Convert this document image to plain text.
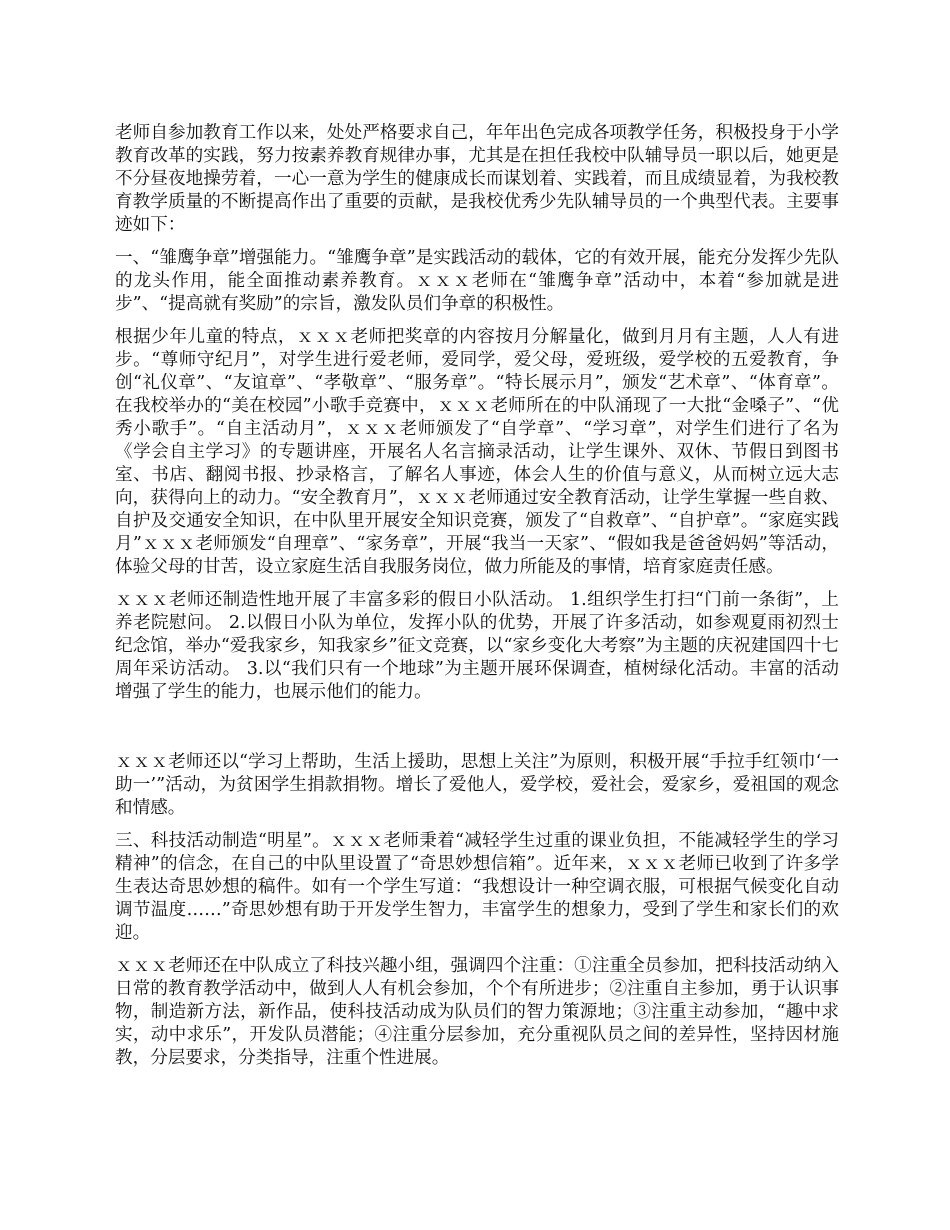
老师自参加教育工作以来，处处严格要求自己，年年出色完成各项教学任务，积极投身于小学教育改革的实践，努力按素养教育规律办事，尤其是在担任我校中队辅导员一职以后，她更是不分昼夜地操劳着，一心一意为学生的健康成长而谋划着、实践着，而且成绩显着，为我校教育教学质量的不断提高作出了重要的贡献，是我校优秀少先队辅导员的一个典型代表。主要事迹如下：

一、“雏鹰争章”增强能力。“雏鹰争章”是实践活动的载体，它的有效开展，能充分发挥少先队的龙头作用，能全面推动素养教育。ｘｘｘ老师在“雏鹰争章”活动中，本着“参加就是进步”、“提高就有奖励”的宗旨，激发队员们争章的积极性。

根据少年儿童的特点，ｘｘｘ老师把奖章的内容按月分解量化，做到月月有主题，人人有进步。“尊师守纪月”，对学生进行爱老师，爱同学，爱父母，爱班级，爱学校的五爱教育，争创“礼仪章”、“友谊章”、“孝敬章”、“服务章”。“特长展示月”，颁发“艺术章”、“体育章”。在我校举办的“美在校园”小歌手竞赛中，ｘｘｘ老师所在的中队涌现了一大批“金嗓子”、“优秀小歌手”。“自主活动月”，ｘｘｘ老师颁发了“自学章”、“学习章”，对学生们进行了名为《学会自主学习》的专题讲座，开展名人名言摘录活动，让学生课外、双休、节假日到图书室、书店、翻阅书报、抄录格言，了解名人事迹，体会人生的价值与意义，从而树立远大志向，获得向上的动力。“安全教育月”，ｘｘｘ老师通过安全教育活动，让学生掌握一些自救、自护及交通安全知识，在中队里开展安全知识竞赛，颁发了“自救章”、“自护章”。“家庭实践月”ｘｘｘ老师颁发“自理章”、“家务章”，开展“我当一天家”、“假如我是爸爸妈妈”等活动，体验父母的甘苦，设立家庭生活自我服务岗位，做力所能及的事情，培育家庭责任感。

ｘｘｘ老师还制造性地开展了丰富多彩的假日小队活动。 1.组织学生打扫“门前一条街”，上养老院慰问。 2.以假日小队为单位，发挥小队的优势，开展了许多活动，如参观夏雨初烈士纪念馆，举办“爱我家乡，知我家乡”征文竞赛，以“家乡变化大考察”为主题的庆祝建国四十七周年采访活动。 3.以“我们只有一个地球”为主题开展环保调查，植树绿化活动。丰富的活动增强了学生的能力，也展示他们的能力。

ｘｘｘ老师还以“学习上帮助，生活上援助，思想上关注”为原则，积极开展“手拉手红领巾‘一助一’”活动，为贫困学生捐款捐物。增长了爱他人，爱学校，爱社会，爱家乡，爱祖国的观念和情感。

三、科技活动制造“明星”。ｘｘｘ老师秉着“减轻学生过重的课业负担，不能减轻学生的学习精神”的信念，在自己的中队里设置了“奇思妙想信箱”。近年来，ｘｘｘ老师已收到了许多学生表达奇思妙想的稿件。如有一个学生写道：“我想设计一种空调衣服，可根据气候变化自动调节温度……”奇思妙想有助于开发学生智力，丰富学生的想象力，受到了学生和家长们的欢迎。

ｘｘｘ老师还在中队成立了科技兴趣小组，强调四个注重：①注重全员参加，把科技活动纳入日常的教育教学活动中，做到人人有机会参加，个个有所进步；②注重自主参加，勇于认识事物，制造新方法，新作品，使科技活动成为队员们的智力策源地；③注重主动参加，“趣中求实，动中求乐”，开发队员潜能；④注重分层参加，充分重视队员之间的差异性，坚持因材施教，分层要求，分类指导，注重个性进展。
